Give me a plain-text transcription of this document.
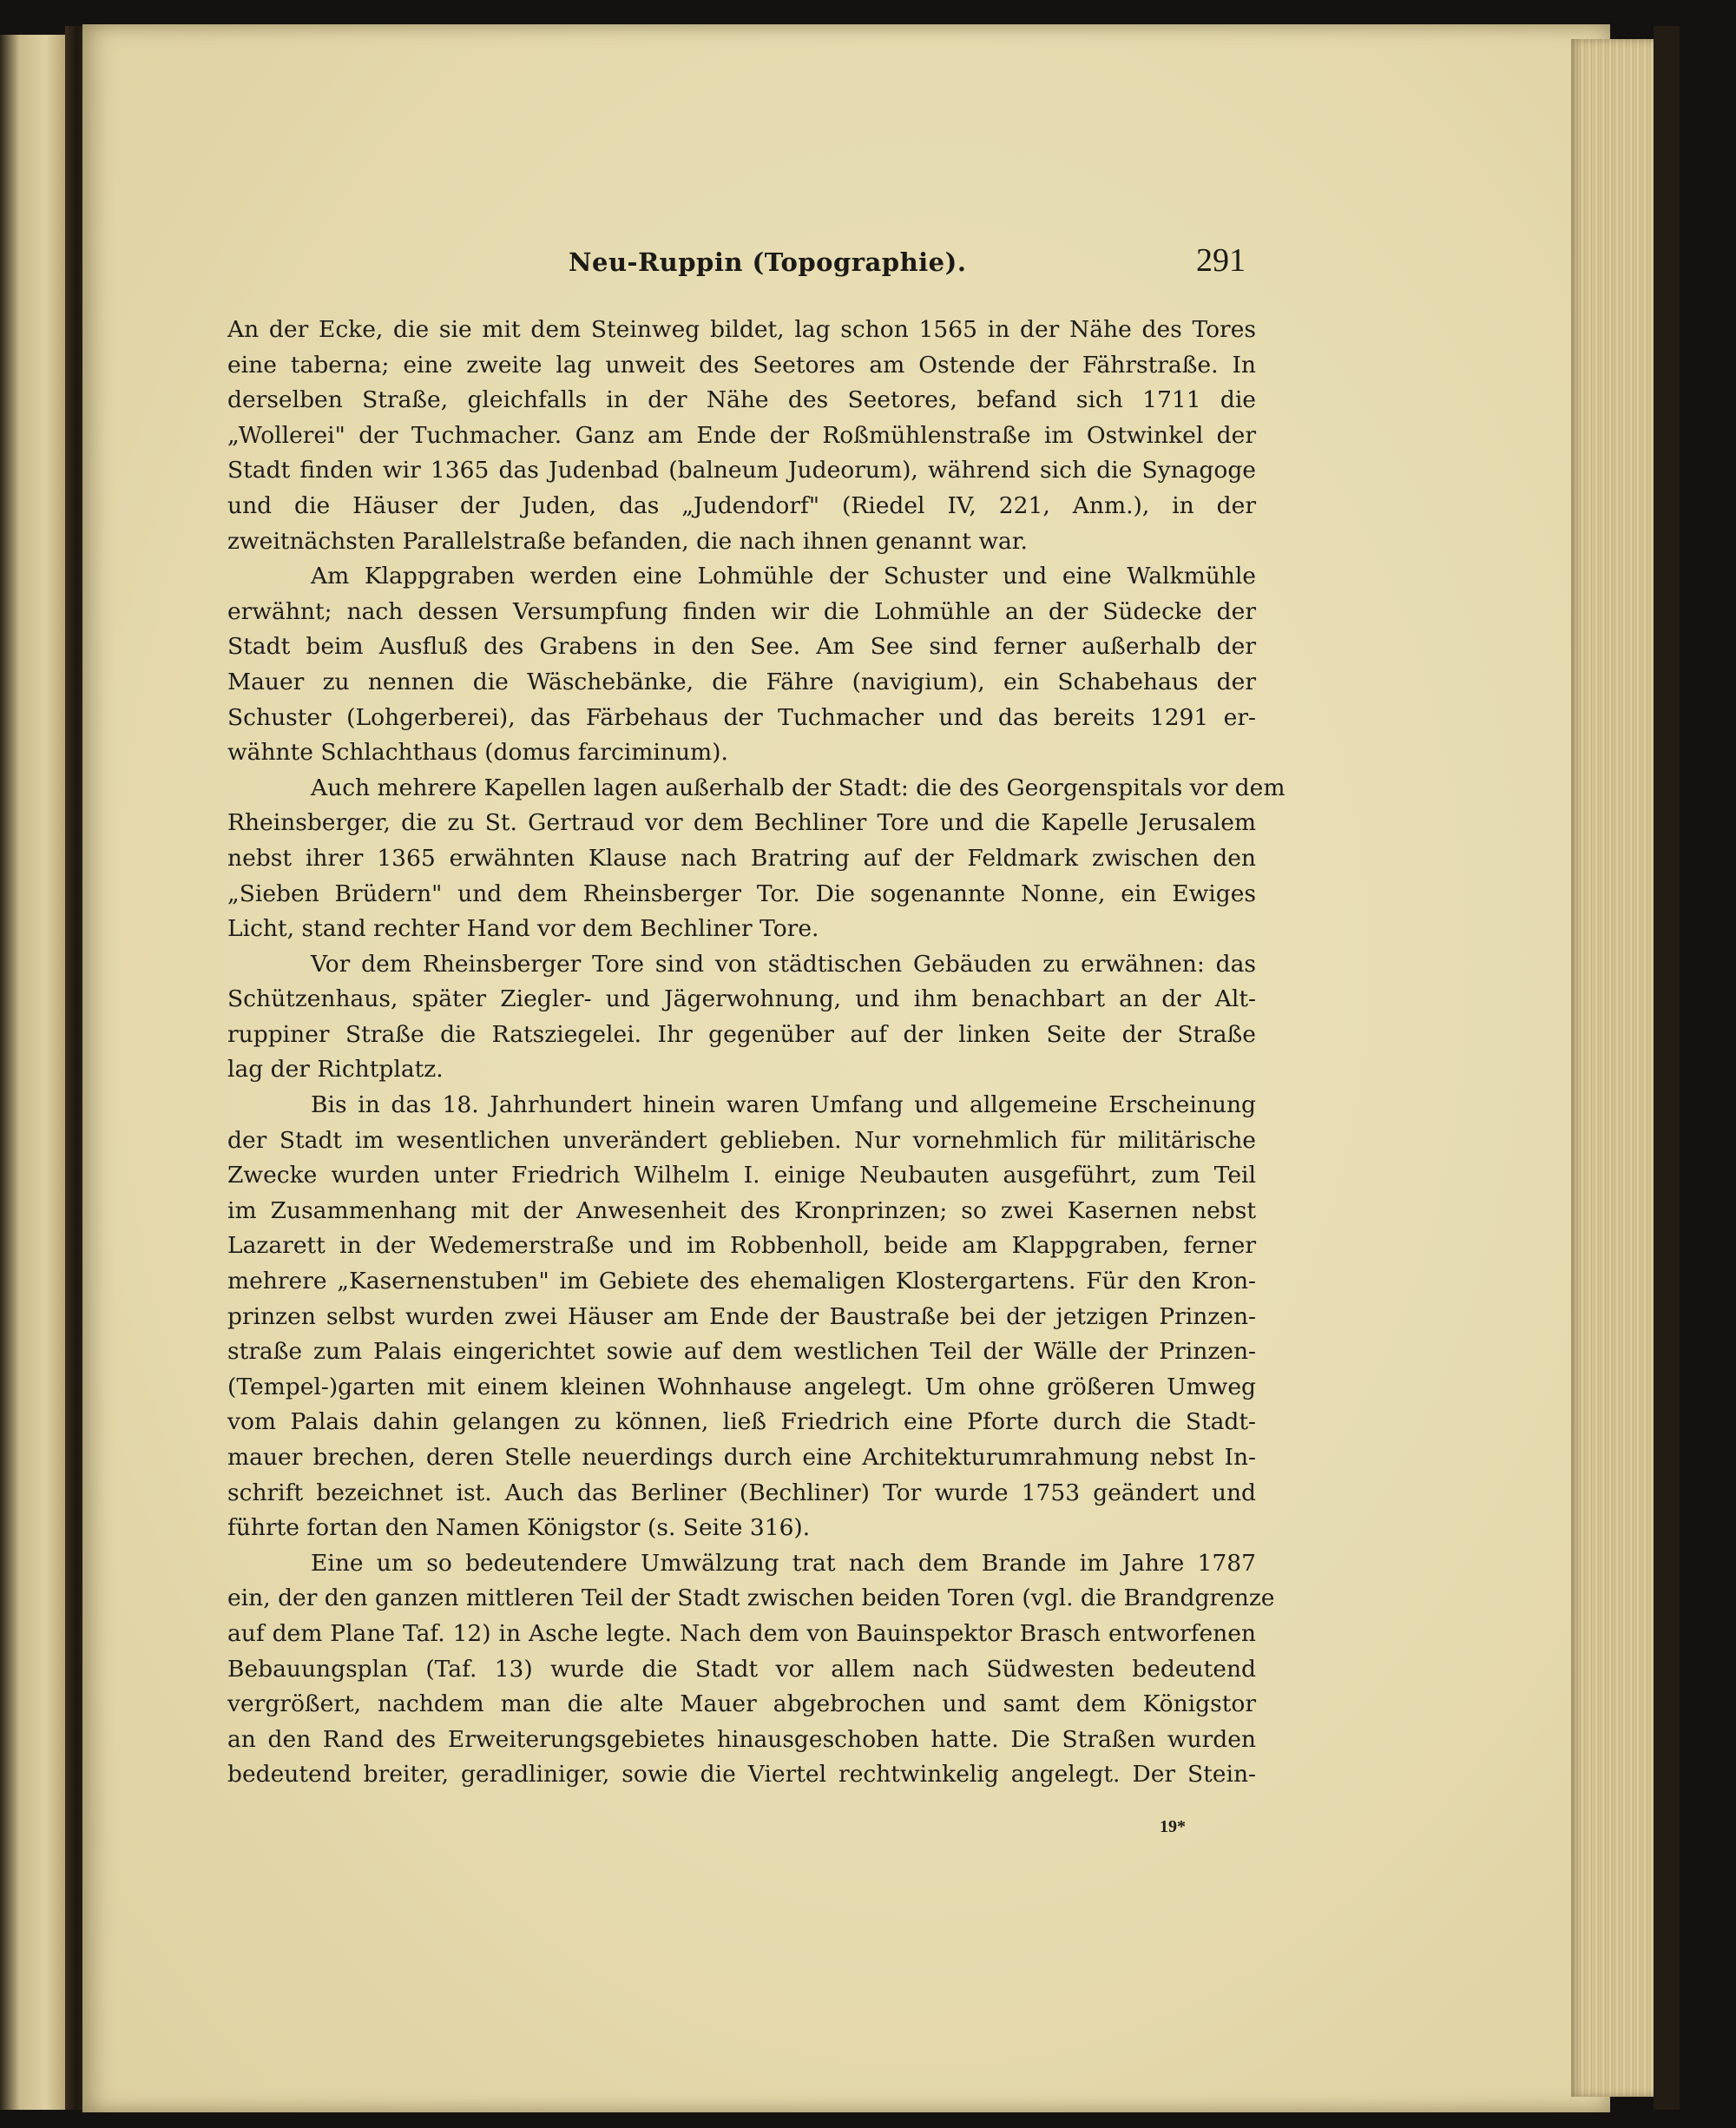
Neu-Ruppin (Topographie).	291

An der Ecke, die sie mit dem Steinweg bildet, lag schon 1565 in der Nähe des Tores
eine taberna; eine zweite lag unweit des Seetores am Ostende der Fährstraße. In
derselben Straße, gleichfalls in der Nähe des Seetores, befand sich 1711 die
„Wollerei" der Tuchmacher. Ganz am Ende der Roßmühlenstraße im Ostwinkel der
Stadt finden wir 1365 das Judenbad (balneum Judeorum), während sich die Synagoge
und die Häuser der Juden, das „Judendorf" (Riedel IV, 221, Anm.), in der
zweitnächsten Parallelstraße befanden, die nach ihnen genannt war.

Am Klappgraben werden eine Lohmühle der Schuster und eine Walkmühle
erwähnt; nach dessen Versumpfung finden wir die Lohmühle an der Südecke der
Stadt beim Ausfluß des Grabens in den See. Am See sind ferner außerhalb der
Mauer zu nennen die Wäschebänke, die Fähre (navigium), ein Schabehaus der
Schuster (Lohgerberei), das Färbehaus der Tuchmacher und das bereits 1291 er-
wähnte Schlachthaus (domus farciminum).

Auch mehrere Kapellen lagen außerhalb der Stadt: die des Georgenspitals vor dem
Rheinsberger, die zu St. Gertraud vor dem Bechliner Tore und die Kapelle Jerusalem
nebst ihrer 1365 erwähnten Klause nach Bratring auf der Feldmark zwischen den
„Sieben Brüdern" und dem Rheinsberger Tor. Die sogenannte Nonne, ein Ewiges
Licht, stand rechter Hand vor dem Bechliner Tore.

Vor dem Rheinsberger Tore sind von städtischen Gebäuden zu erwähnen: das
Schützenhaus, später Ziegler- und Jägerwohnung, und ihm benachbart an der Alt-
ruppiner Straße die Ratsziegelei. Ihr gegenüber auf der linken Seite der Straße
lag der Richtplatz.

Bis in das 18. Jahrhundert hinein waren Umfang und allgemeine Erscheinung
der Stadt im wesentlichen unverändert geblieben. Nur vornehmlich für militärische
Zwecke wurden unter Friedrich Wilhelm I. einige Neubauten ausgeführt, zum Teil
im Zusammenhang mit der Anwesenheit des Kronprinzen; so zwei Kasernen nebst
Lazarett in der Wedemerstraße und im Robbenholl, beide am Klappgraben, ferner
mehrere „Kasernenstuben" im Gebiete des ehemaligen Klostergartens. Für den Kron-
prinzen selbst wurden zwei Häuser am Ende der Baustraße bei der jetzigen Prinzen-
straße zum Palais eingerichtet sowie auf dem westlichen Teil der Wälle der Prinzen-
(Tempel-)garten mit einem kleinen Wohnhause angelegt. Um ohne größeren Umweg
vom Palais dahin gelangen zu können, ließ Friedrich eine Pforte durch die Stadt-
mauer brechen, deren Stelle neuerdings durch eine Architekturumrahmung nebst In-
schrift bezeichnet ist. Auch das Berliner (Bechliner) Tor wurde 1753 geändert und
führte fortan den Namen Königstor (s. Seite 316).

Eine um so bedeutendere Umwälzung trat nach dem Brande im Jahre 1787
ein, der den ganzen mittleren Teil der Stadt zwischen beiden Toren (vgl. die Brandgrenze
auf dem Plane Taf. 12) in Asche legte. Nach dem von Bauinspektor Brasch entworfenen
Bebauungsplan (Taf. 13) wurde die Stadt vor allem nach Südwesten bedeutend
vergrößert, nachdem man die alte Mauer abgebrochen und samt dem Königstor
an den Rand des Erweiterungsgebietes hinausgeschoben hatte. Die Straßen wurden
bedeutend breiter, geradliniger, sowie die Viertel rechtwinkelig angelegt. Der Stein-

19*
